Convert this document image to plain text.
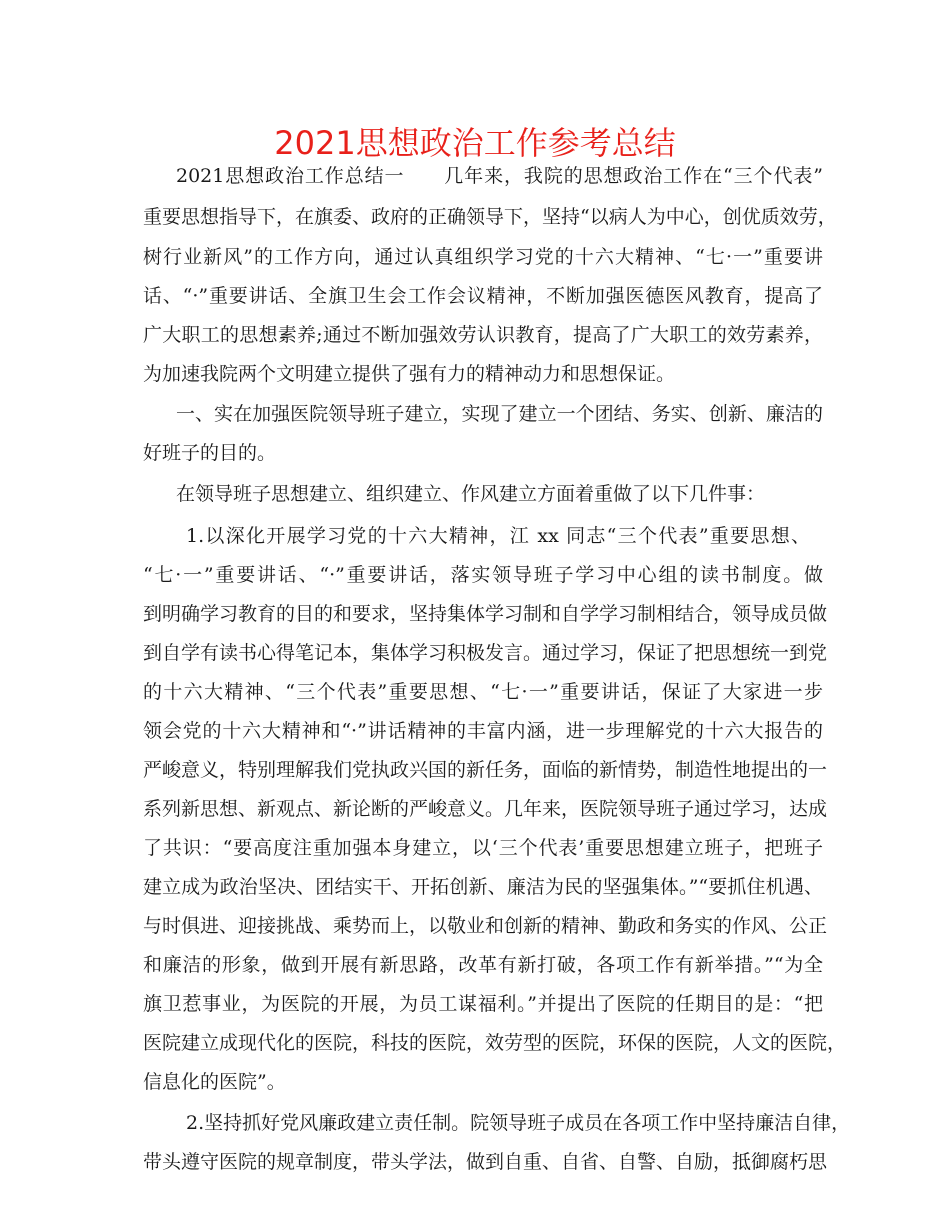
2021思想政治工作参考总结
2021思想政治工作总结一　　几年来，我院的思想政治工作在“三个代表”
重要思想指导下，在旗委、政府的正确领导下，坚持“以病人为中心，创优质效劳，
树行业新风”的工作方向，通过认真组织学习党的十六大精神、“七·一”重要讲
话、“·”重要讲话、全旗卫生会工作会议精神，不断加强医德医风教育，提高了
广大职工的思想素养;通过不断加强效劳认识教育，提高了广大职工的效劳素养，
为加速我院两个文明建立提供了强有力的精神动力和思想保证。
一、实在加强医院领导班子建立，实现了建立一个团结、务实、创新、廉洁的
好班子的目的。
在领导班子思想建立、组织建立、作风建立方面着重做了以下几件事：
1.以深化开展学习党的十六大精神，江 xx 同志“三个代表”重要思想、
“七·一”重要讲话、“·”重要讲话，落实领导班子学习中心组的读书制度。做
到明确学习教育的目的和要求，坚持集体学习制和自学学习制相结合，领导成员做
到自学有读书心得笔记本，集体学习积极发言。通过学习，保证了把思想统一到党
的十六大精神、“三个代表”重要思想、“七·一”重要讲话，保证了大家进一步
领会党的十六大精神和“·”讲话精神的丰富内涵，进一步理解党的十六大报告的
严峻意义，特别理解我们党执政兴国的新任务，面临的新情势，制造性地提出的一
系列新思想、新观点、新论断的严峻意义。几年来，医院领导班子通过学习，达成
了共识：“要高度注重加强本身建立，以‘三个代表’重要思想建立班子，把班子
建立成为政治坚决、团结实干、开拓创新、廉洁为民的坚强集体。”“要抓住机遇、
与时俱进、迎接挑战、乘势而上，以敬业和创新的精神、勤政和务实的作风、公正
和廉洁的形象，做到开展有新思路，改革有新打破，各项工作有新举措。”“为全
旗卫惹事业，为医院的开展，为员工谋福利。”并提出了医院的任期目的是：“把
医院建立成现代化的医院，科技的医院，效劳型的医院，环保的医院，人文的医院，
信息化的医院”。
2.坚持抓好党风廉政建立责任制。院领导班子成员在各项工作中坚持廉洁自律，
带头遵守医院的规章制度，带头学法，做到自重、自省、自警、自励，抵御腐朽思
